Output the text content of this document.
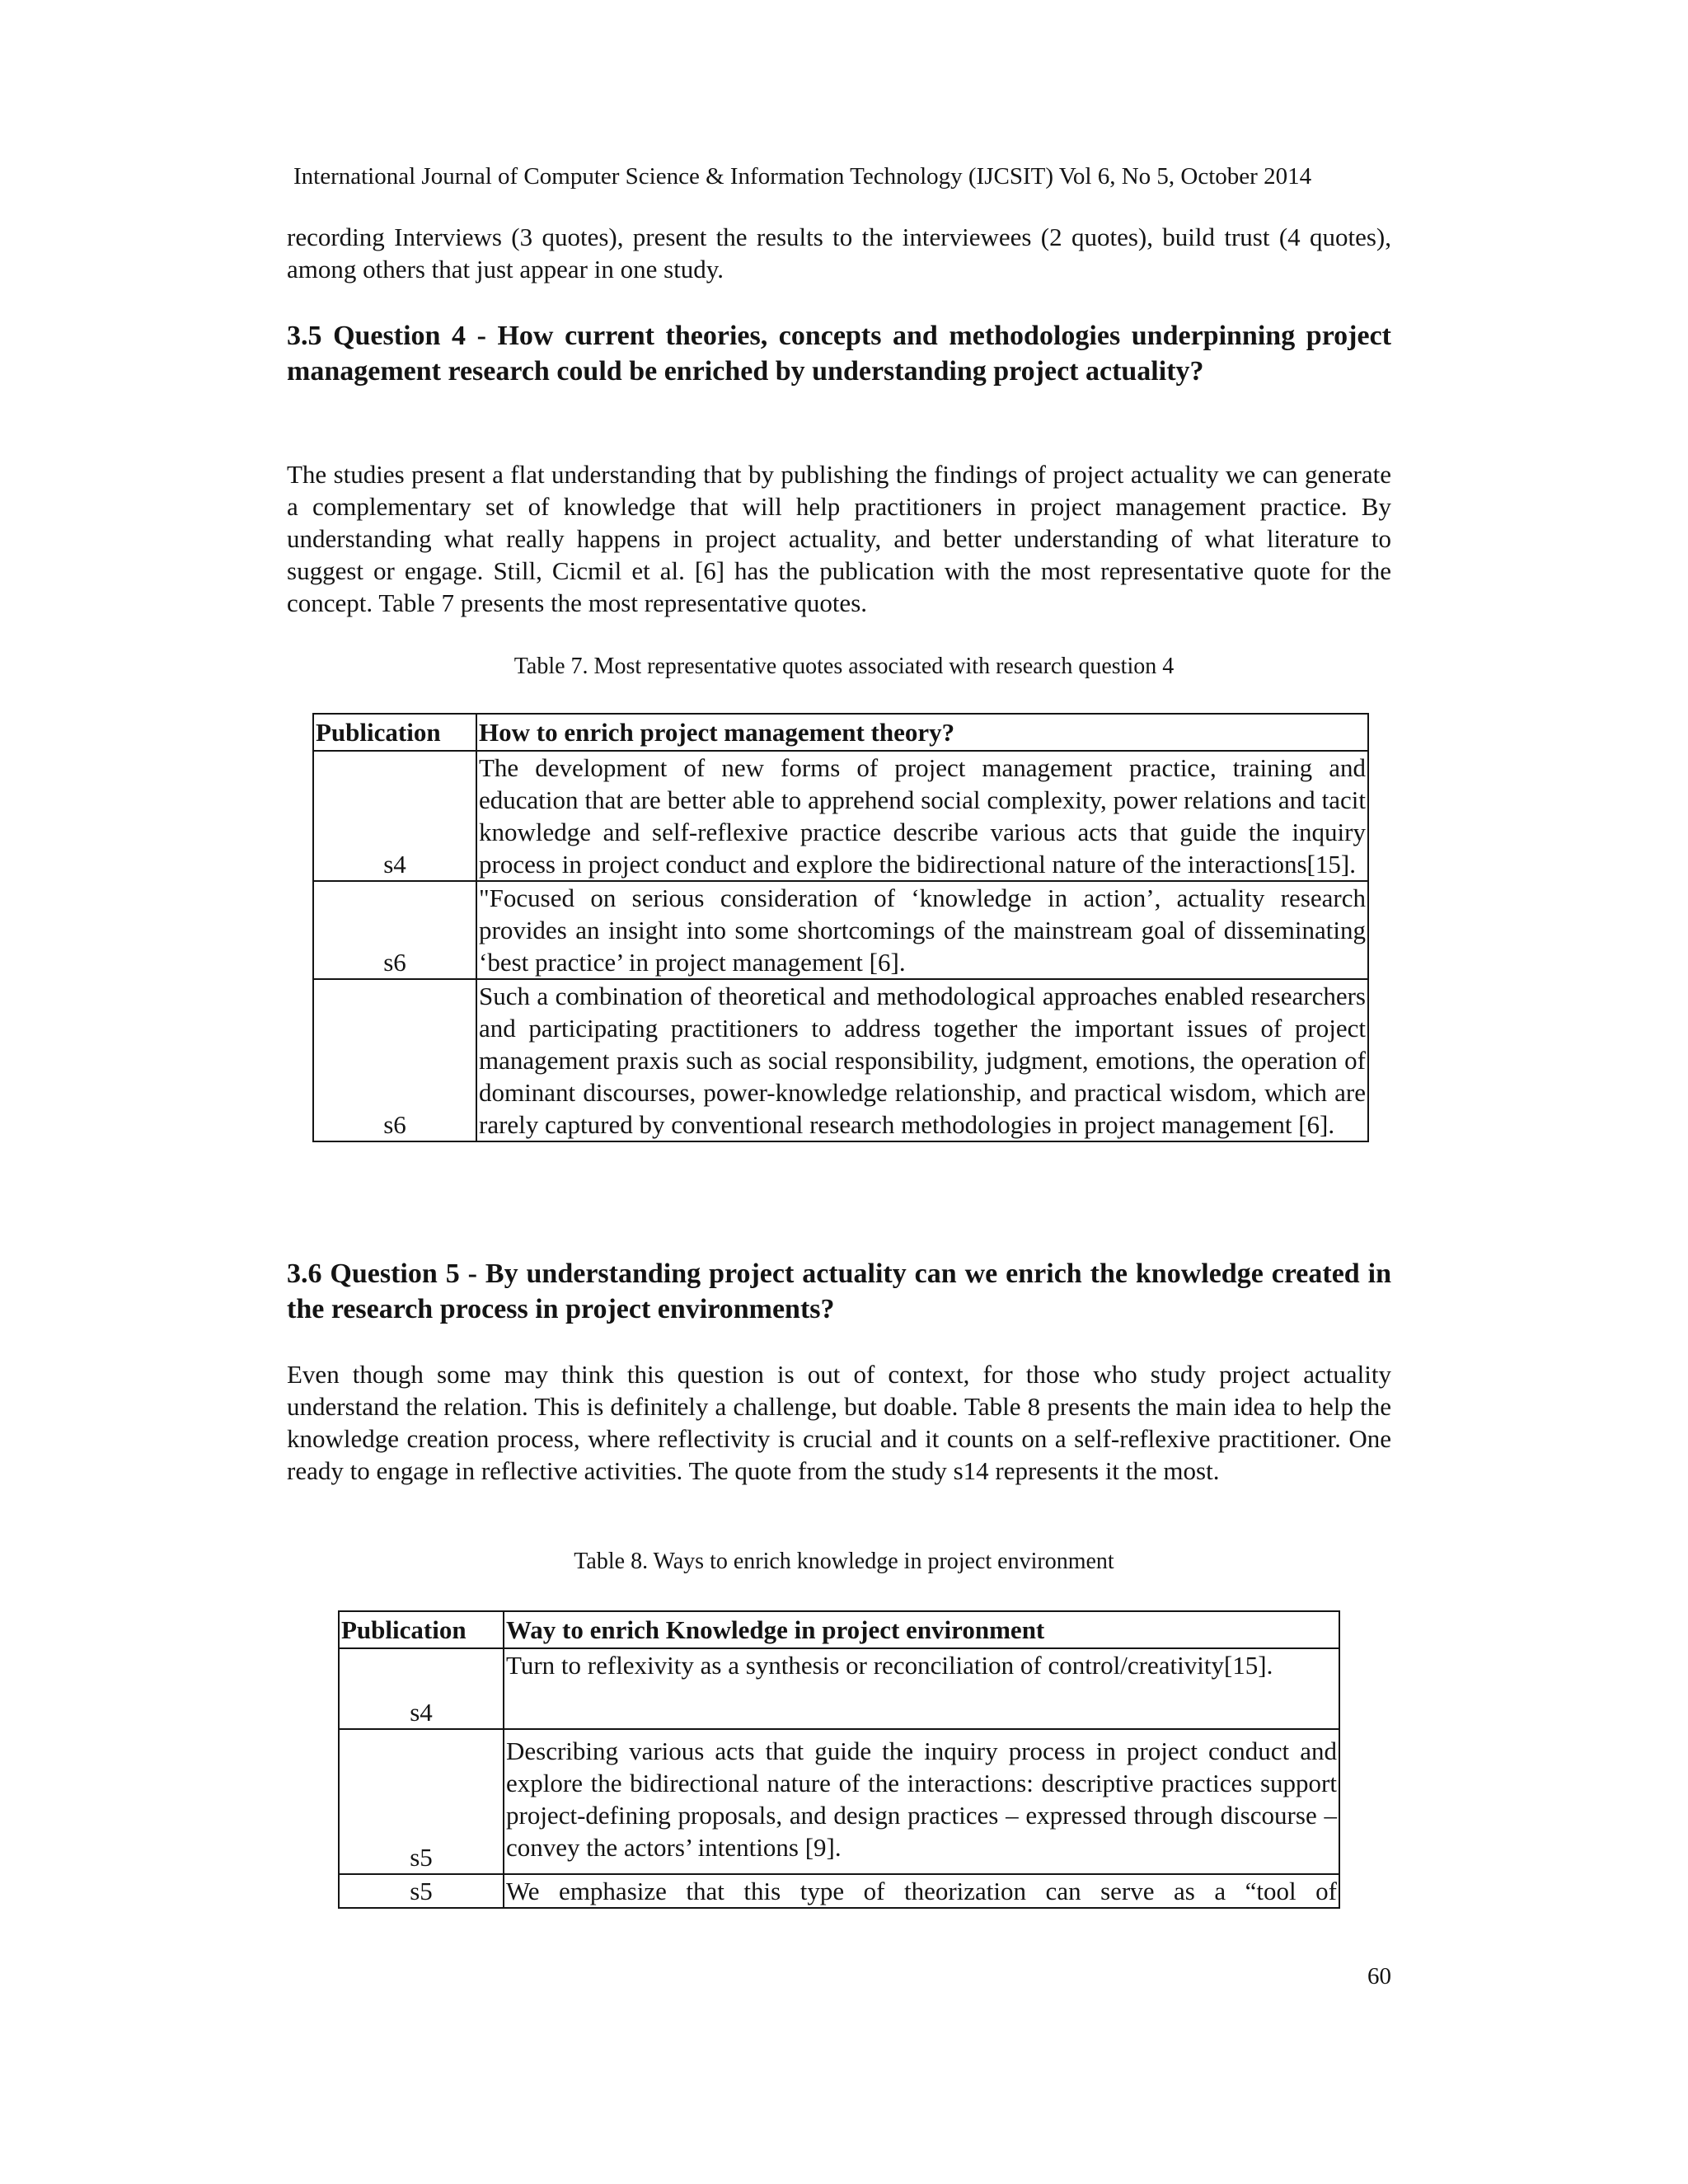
International Journal of Computer Science & Information Technology (IJCSIT) Vol 6, No 5, October 2014
recording Interviews (3 quotes), present the results to the interviewees (2 quotes), build trust (4 quotes), among others that just appear in one study.
3.5 Question 4 - How current theories, concepts and methodologies underpinning project management research could be enriched by understanding project actuality?
The studies present a flat understanding that by publishing the findings of project actuality we can generate a complementary set of knowledge that will help practitioners in project management practice. By understanding what really happens in project actuality, and better understanding of what literature to suggest or engage. Still, Cicmil et al. [6] has the publication with the most representative quote for the concept. Table 7 presents the most representative quotes.
Table 7. Most representative quotes associated with research question 4
Publication	How to enrich project management theory?
s4	The development of new forms of project management practice, training and education that are better able to apprehend social complexity, power relations and tacit knowledge and self-reflexive practice describe various acts that guide the inquiry process in project conduct and explore the bidirectional nature of the interactions[15].
s6	"Focused on serious consideration of ‘knowledge in action’, actuality research provides an insight into some shortcomings of the mainstream goal of disseminating ‘best practice’ in project management [6].
s6	Such a combination of theoretical and methodological approaches enabled researchers and participating practitioners to address together the important issues of project management praxis such as social responsibility, judgment, emotions, the operation of dominant discourses, power-knowledge relationship, and practical wisdom, which are rarely captured by conventional research methodologies in project management [6].
3.6 Question 5 - By understanding project actuality can we enrich the knowledge created in the research process in project environments?
Even though some may think this question is out of context, for those who study project actuality understand the relation. This is definitely a challenge, but doable. Table 8 presents the main idea to help the knowledge creation process, where reflectivity is crucial and it counts on a self-reflexive practitioner. One ready to engage in reflective activities. The quote from the study s14 represents it the most.
Table 8. Ways to enrich knowledge in project environment
Publication	Way to enrich Knowledge in project environment
s4	Turn to reflexivity as a synthesis or reconciliation of control/creativity[15].
s5	Describing various acts that guide the inquiry process in project conduct and explore the bidirectional nature of the interactions: descriptive practices support project-defining proposals, and design practices – expressed through discourse – convey the actors’ intentions [9].
s5	We emphasize that this type of theorization can serve as a “tool of
60
